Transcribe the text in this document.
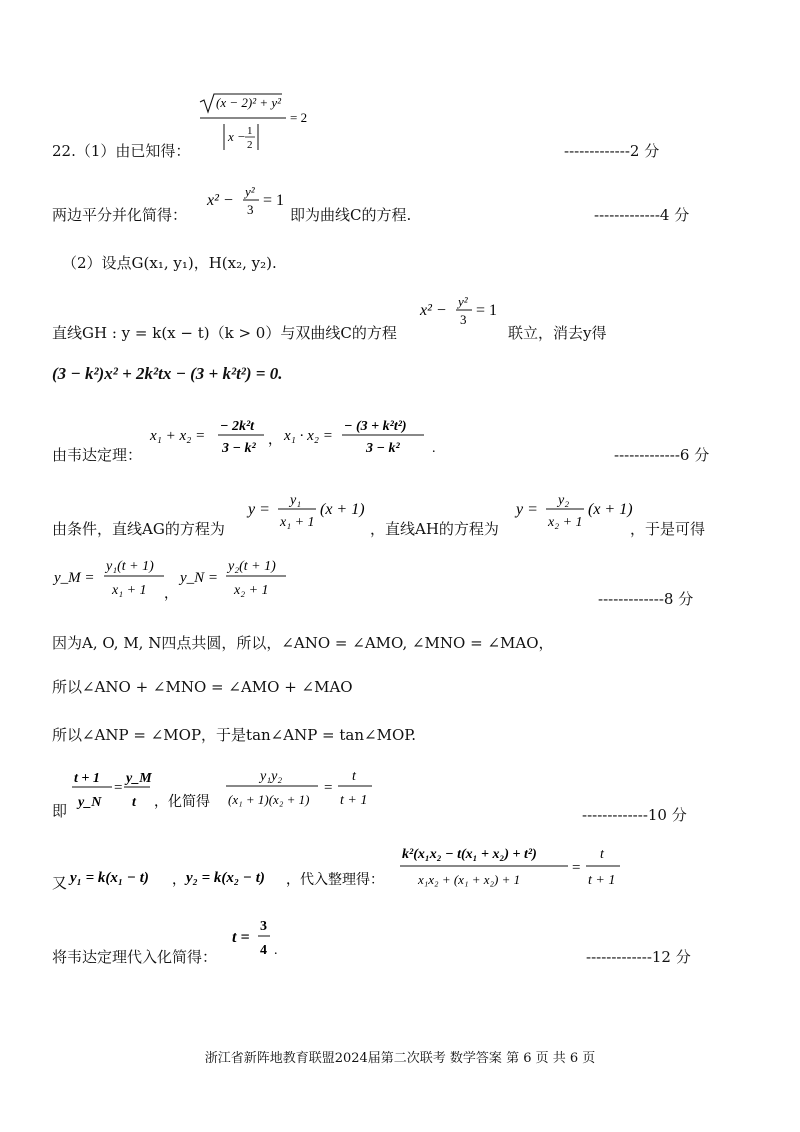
22.（1）由已知得：
(x − 2)² + y²
x − 1
2
= 2
-------------2 分
两边平分并化简得：
x² −
y²
3
= 1
即为曲线C的方程.	-------------4 分
（2）设点G(x₁, y₁)，H(x₂, y₂).
直线GH : y = k(x − t)（k > 0）与双曲线C的方程
x² −
y²
3
= 1
联立，消去y得
(3 − k²)x² + 2k²tx − (3 + k²t²) = 0.
由韦达定理：
x₁ + x₂ =
− 2k²t
3 − k²
， x₁ · x₂ =
− (3 + k²t²)
3 − k² .	-------------6 分
由条件，直线AG的方程为
y =
y₁
x₁ + 1
(x + 1)
，直线AH的方程为
y =
y₂
x₂ + 1
(x + 1)
，于是可得
y_M =
y₁(t + 1)
x₁ + 1 ，
y_N =
y₂(t + 1)
x₂ + 1	-------------8 分
因为A, O, M, N四点共圆，所以，∠ANO = ∠AMO, ∠MNO = ∠MAO，
所以∠ANO + ∠MNO = ∠AMO + ∠MAO
所以∠ANP = ∠MOP，于是tan∠ANP = tan∠MOP.
即
t + 1
y_N
=
y_M
t ，化简得
y₁y₂
(x₁ + 1)(x₂ + 1)
=
t
t + 1
-------------10 分
又 y₁ = k(x₁ − t) ， y₂ = k(x₂ − t) ，代入整理得：
k²(x₁x₂ − t(x₁ + x₂) + t²)
x₁x₂ + (x₁ + x₂) + 1
=
t
t + 1
将韦达定理代入化简得：
t =
3
4 .	-------------12 分
浙江省新阵地教育联盟2024届第二次联考 数学答案 第 6 页 共 6 页
